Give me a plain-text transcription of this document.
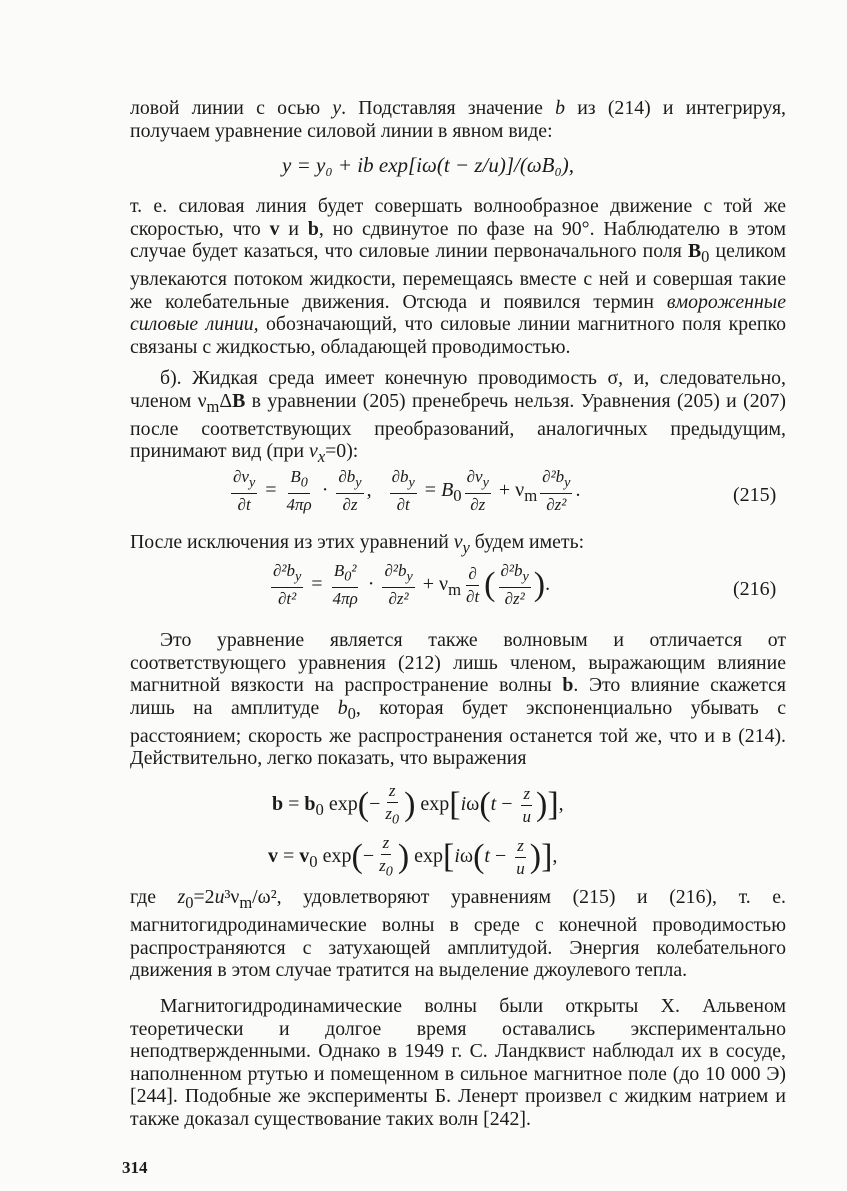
ловой линии с осью y. Подставляя значение b из (214) и интегрируя, получаем уравнение силовой линии в явном виде:

y = y₀ + ib exp[iω(t − z/u)]/(ωB₀),

т. е. силовая линия будет совершать волнообразное движение с той же скоростью, что v и b, но сдвинутое по фазе на 90°. Наблюдателю в этом случае будет казаться, что силовые линии первоначального поля $B_0$ целиком увлекаются потоком жидкости, перемещаясь вместе с ней и совершая такие же колебательные движения. Отсюда и появился термин вмороженные силовые линии, обозначающий, что силовые линии магнитного поля крепко связаны с жидкостью, обладающей проводимостью.

б). Жидкая среда имеет конечную проводимость σ, и, следовательно, членом $\nu_m\Delta B$ в уравнении (205) пренебречь нельзя. Уравнения (205) и (207) после соответствующих преобразований, аналогичных предыдущим, принимают вид (при $v_x=0$):

$\frac{\partial v_y}{\partial t} = \frac{B_0}{4\pi\rho} \cdot \frac{\partial b_y}{\partial z}$ , $\frac{\partial b_y}{\partial t} = B_0 \frac{\partial v_y}{\partial z} + \nu_m \frac{\partial^2b_y}{\text{∂z²}}$ .	(215)

После исключения из этих уравнений $v_y$ будем иметь:

$\frac{\partial^2b_y}{\text{∂t²}} = \frac{B_0^2}{4\pi\rho} \cdot \frac{\partial^2b_y}{\text{∂z²}} + \nu_m \frac{\partial}{\partial t}$ ( $\frac{\partial^2b_y}{\text{∂z²}}$ ).	(216)

Это уравнение является также волновым и отличается от соответствующего уравнения (212) лишь членом, выражающим влияние магнитной вязкости на распространение волны b. Это влияние скажется лишь на амплитуде $b_0$, которая будет экспоненциально убывать с расстоянием; скорость же распространения останется той же, что и в (214). Действительно, легко показать, что выражения

$b = b_0$ $\exp(- \frac{z}{z_0}$ ) $\exp[i\omega(t - \frac{z}{u}$ )],
$v = v_0$ $\exp(- \frac{z}{z_0}$ ) $\exp[i\omega(t - \frac{z}{u}$ )],

где $z_0=2u^3\nu_m/\omega^2$, удовлетворяют уравнениям (215) и (216), т. е. магнитогидродинамические волны в среде с конечной проводимостью распространяются с затухающей амплитудой. Энергия колебательного движения в этом случае тратится на выделение джоулевого тепла.

Магнитогидродинамические волны были открыты Х. Альвеном теоретически и долгое время оставались экспериментально неподтвержденными. Однако в 1949 г. С. Ландквист наблюдал их в сосуде, наполненном ртутью и помещенном в сильное магнитное поле (до 10 000 Э) [244]. Подобные же эксперименты Б. Ленерт произвел с жидким натрием и также доказал существование таких волн [242].

314
